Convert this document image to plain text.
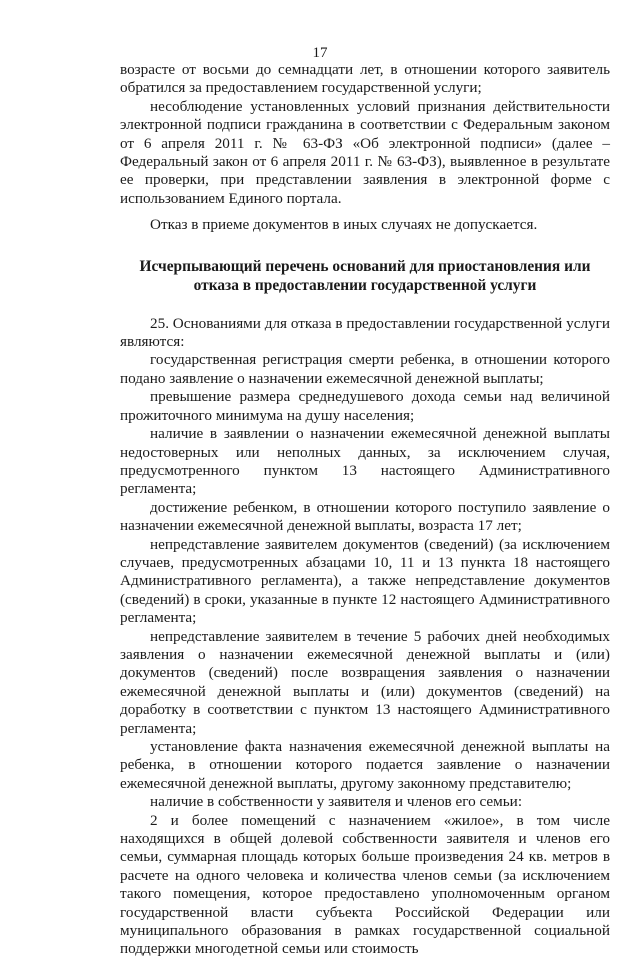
17

возрасте от восьми до семнадцати лет, в отношении которого заявитель обратился за предоставлением государственной услуги;

несоблюдение установленных условий признания действительности электронной подписи гражданина в соответствии с Федеральным законом от 6 апреля 2011 г. № 63-ФЗ «Об электронной подписи» (далее – Федеральный закон от 6 апреля 2011 г. № 63-ФЗ), выявленное в результате ее проверки, при представлении заявления в электронной форме с использованием Единого портала.

Отказ в приеме документов в иных случаях не допускается.

Исчерпывающий перечень оснований для приостановления или
отказа в предоставлении государственной услуги

25. Основаниями для отказа в предоставлении государственной услуги являются:

государственная регистрация смерти ребенка, в отношении которого подано заявление о назначении ежемесячной денежной выплаты;

превышение размера среднедушевого дохода семьи над величиной прожиточного минимума на душу населения;

наличие в заявлении о назначении ежемесячной денежной выплаты недостоверных или неполных данных, за исключением случая, предусмотренного пунктом 13 настоящего Административного регламента;

достижение ребенком, в отношении которого поступило заявление о назначении ежемесячной денежной выплаты, возраста 17 лет;

непредставление заявителем документов (сведений) (за исключением случаев, предусмотренных абзацами 10, 11 и 13 пункта 18 настоящего Административного регламента), а также непредставление документов (сведений) в сроки, указанные в пункте 12 настоящего Административного регламента;

непредставление заявителем в течение 5 рабочих дней необходимых заявления о назначении ежемесячной денежной выплаты и (или) документов (сведений) после возвращения заявления о назначении ежемесячной денежной выплаты и (или) документов (сведений) на доработку в соответствии с пунктом 13 настоящего Административного регламента;

установление факта назначения ежемесячной денежной выплаты на ребенка, в отношении которого подается заявление о назначении ежемесячной денежной выплаты, другому законному представителю;

наличие в собственности у заявителя и членов его семьи:

2 и более помещений с назначением «жилое», в том числе находящихся в общей долевой собственности заявителя и членов его семьи, суммарная площадь которых больше произведения 24 кв. метров в расчете на одного человека и количества членов семьи (за исключением такого помещения, которое предоставлено уполномоченным органом государственной власти субъекта Российской Федерации или муниципального образования в рамках государственной социальной поддержки многодетной семьи или стоимость
